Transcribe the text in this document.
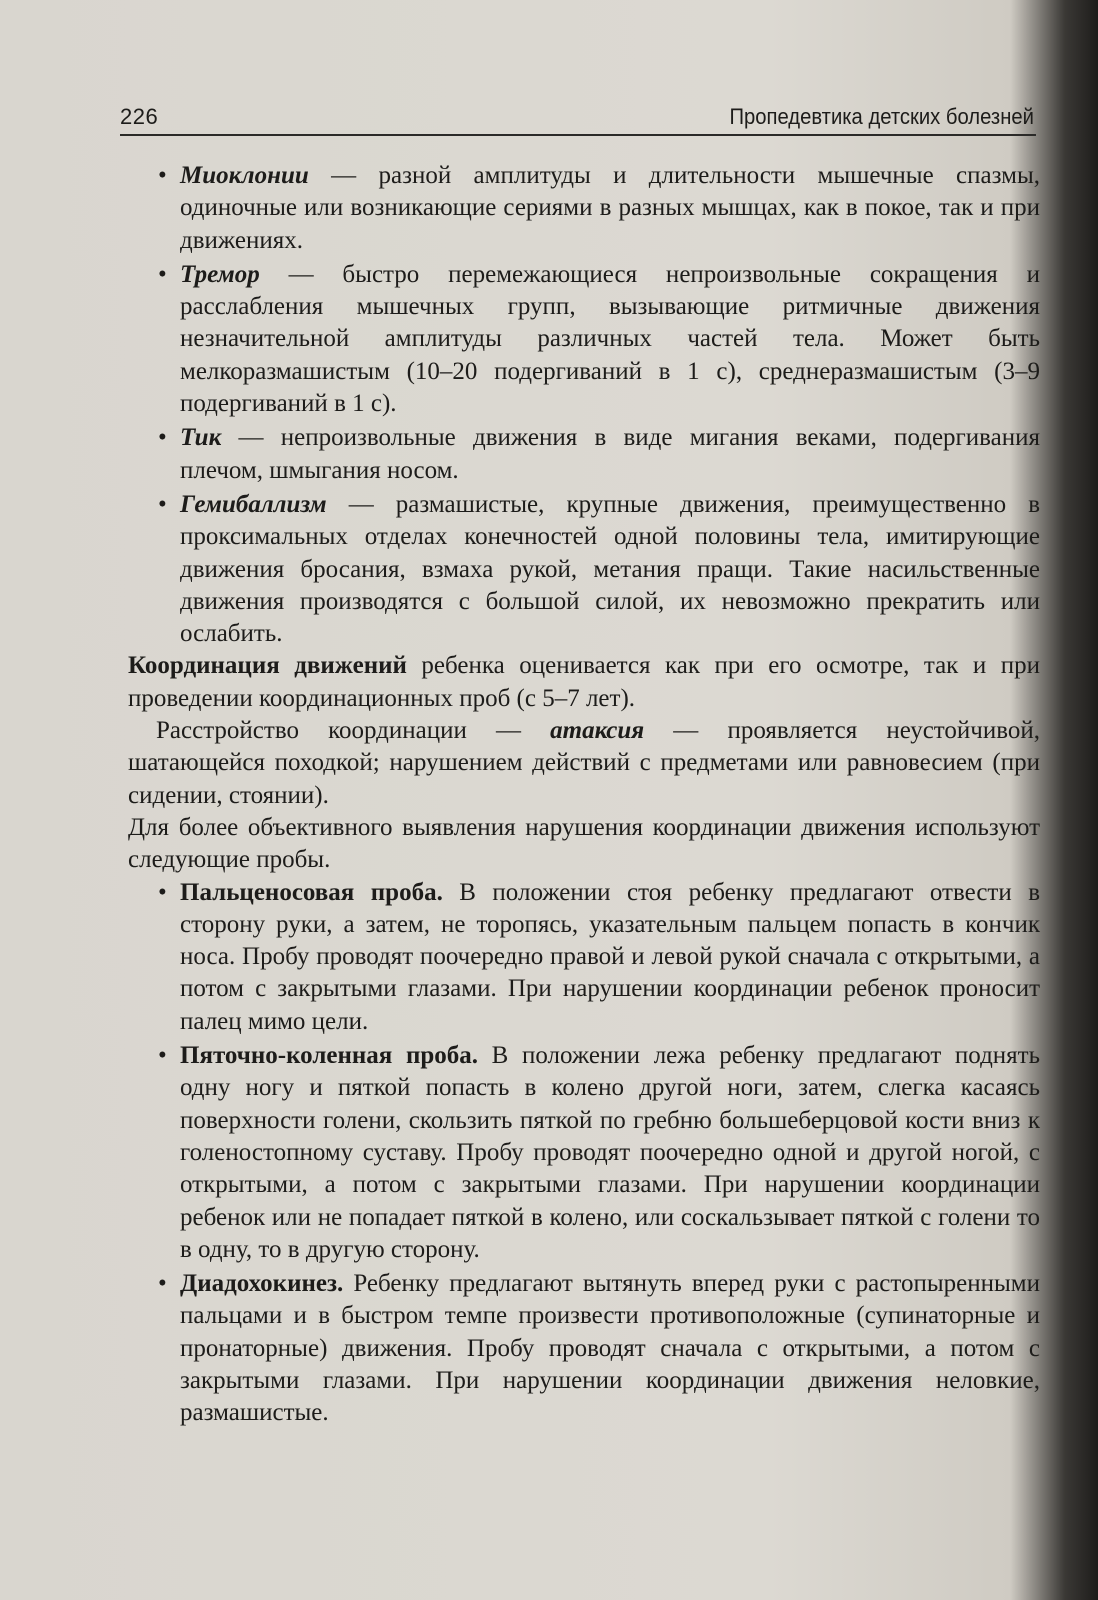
226	Пропедевтика детских болезней

• Миоклонии — разной амплитуды и длительности мышечные спазмы, одиночные или возникающие сериями в разных мышцах, как в покое, так и при движениях.

• Тремор — быстро перемежающиеся непроизвольные сокращения и расслабления мышечных групп, вызывающие ритмичные движения незначительной амплитуды различных частей тела. Может быть мелкоразмашистым (10–20 подергиваний в 1 с), среднеразмашистым (3–9 подергиваний в 1 с).

• Тик — непроизвольные движения в виде мигания веками, подергивания плечом, шмыгания носом.

• Гемибаллизм — размашистые, крупные движения, преимущественно в проксимальных отделах конечностей одной половины тела, имитирующие движения бросания, взмаха рукой, метания пращи. Такие насильственные движения производятся с большой силой, их невозможно прекратить или ослабить.

Координация движений ребенка оценивается как при его осмотре, так и при проведении координационных проб (с 5–7 лет).

Расстройство координации — атаксия — проявляется неустойчивой, шатающейся походкой; нарушением действий с предметами или равновесием (при сидении, стоянии).

Для более объективного выявления нарушения координации движения используют следующие пробы.

• Пальценосовая проба. В положении стоя ребенку предлагают отвести в сторону руки, а затем, не торопясь, указательным пальцем попасть в кончик носа. Пробу проводят поочередно правой и левой рукой сначала с открытыми, а потом с закрытыми глазами. При нарушении координации ребенок проносит палец мимо цели.

• Пяточно-коленная проба. В положении лежа ребенку предлагают поднять одну ногу и пяткой попасть в колено другой ноги, затем, слегка касаясь поверхности голени, скользить пяткой по гребню большеберцовой кости вниз к голеностопному суставу. Пробу проводят поочередно одной и другой ногой, с открытыми, а потом с закрытыми глазами. При нарушении координации ребенок или не попадает пяткой в колено, или соскальзывает пяткой с голени то в одну, то в другую сторону.

• Диадохокинез. Ребенку предлагают вытянуть вперед руки с растопыренными пальцами и в быстром темпе произвести противоположные (супинаторные и пронаторные) движения. Пробу проводят сначала с открытыми, а потом с закрытыми глазами. При нарушении координации движения неловкие, размашистые.
